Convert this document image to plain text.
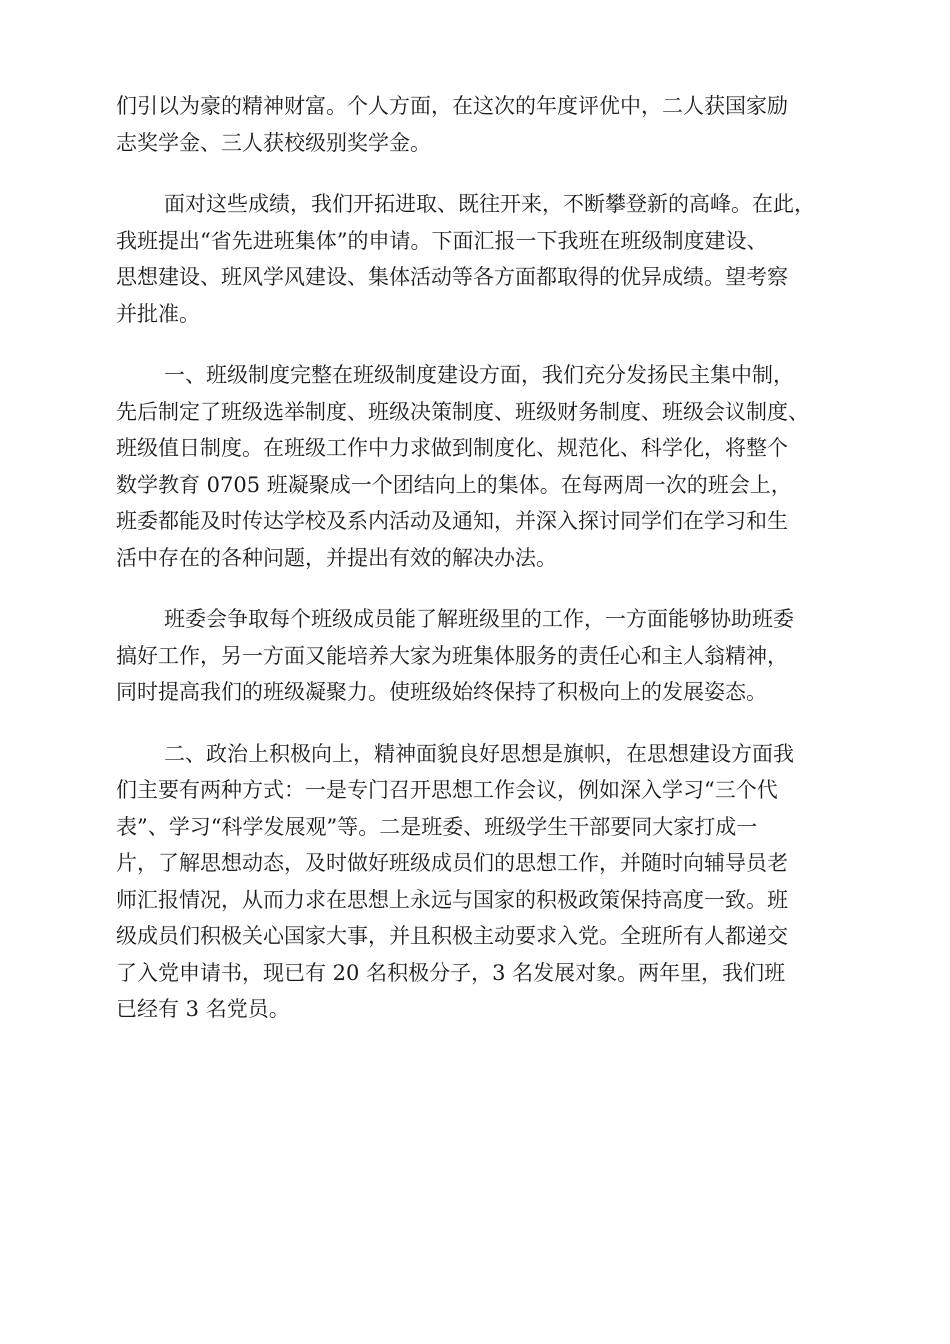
们引以为豪的精神财富。个人方面，在这次的年度评优中，二人获国家励
志奖学金、三人获校级别奖学金。

面对这些成绩，我们开拓进取、既往开来，不断攀登新的高峰。在此，
我班提出“省先进班集体”的申请。下面汇报一下我班在班级制度建设、
思想建设、班风学风建设、集体活动等各方面都取得的优异成绩。望考察
并批准。

一、班级制度完整在班级制度建设方面，我们充分发扬民主集中制，
先后制定了班级选举制度、班级决策制度、班级财务制度、班级会议制度、
班级值日制度。在班级工作中力求做到制度化、规范化、科学化，将整个
数学教育 0705 班凝聚成一个团结向上的集体。在每两周一次的班会上，
班委都能及时传达学校及系内活动及通知，并深入探讨同学们在学习和生
活中存在的各种问题，并提出有效的解决办法。

班委会争取每个班级成员能了解班级里的工作，一方面能够协助班委
搞好工作，另一方面又能培养大家为班集体服务的责任心和主人翁精神，
同时提高我们的班级凝聚力。使班级始终保持了积极向上的发展姿态。

二、政治上积极向上，精神面貌良好思想是旗帜，在思想建设方面我
们主要有两种方式：一是专门召开思想工作会议，例如深入学习“三个代
表”、学习“科学发展观”等。二是班委、班级学生干部要同大家打成一
片，了解思想动态，及时做好班级成员们的思想工作，并随时向辅导员老
师汇报情况，从而力求在思想上永远与国家的积极政策保持高度一致。班
级成员们积极关心国家大事，并且积极主动要求入党。全班所有人都递交
了入党申请书，现已有 20 名积极分子，3 名发展对象。两年里，我们班
已经有 3 名党员。
